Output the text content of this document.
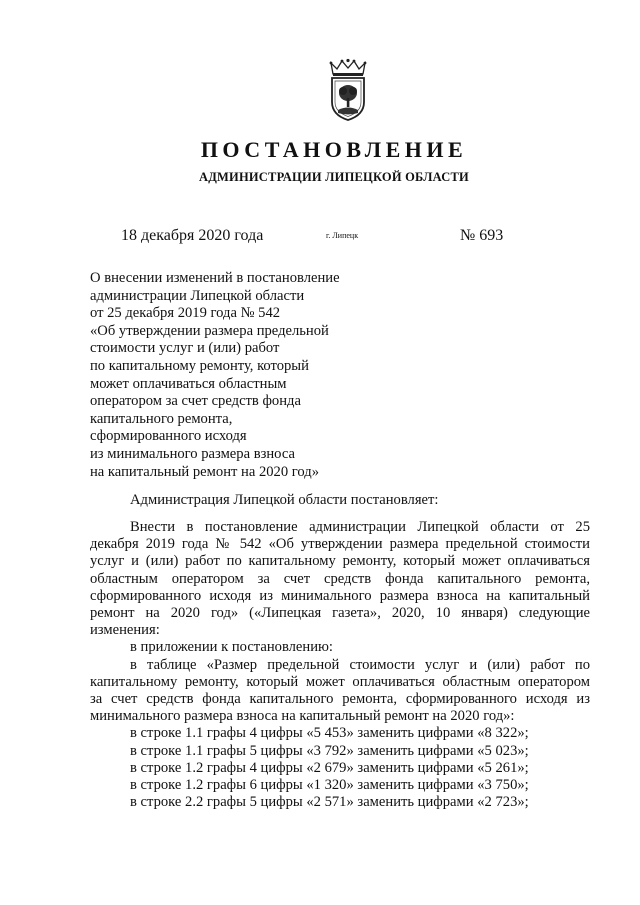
ПОСТАНОВЛЕНИЕ
АДМИНИСТРАЦИИ ЛИПЕЦКОЙ ОБЛАСТИ
18 декабря 2020 года	г. Липецк	№ 693
О внесении изменений в постановление
администрации Липецкой области
от 25 декабря 2019 года № 542
«Об утверждении размера предельной
стоимости услуг и (или) работ
по капитальному ремонту, который
может оплачиваться областным
оператором за счет средств фонда
капитального ремонта,
сформированного исходя
из минимального размера взноса
на капитальный ремонт на 2020 год»
Администрация Липецкой области постановляет:
Внести в постановление администрации Липецкой области от 25
декабря 2019 года № 542 «Об утверждении размера предельной стоимости
услуг и (или) работ по капитальному ремонту, который может оплачиваться
областным оператором за счет средств фонда капитального ремонта,
сформированного исходя из минимального размера взноса на капитальный
ремонт на 2020 год» («Липецкая газета», 2020, 10 января) следующие
изменения:
в приложении к постановлению:
в таблице «Размер предельной стоимости услуг и (или) работ по
капитальному ремонту, который может оплачиваться областным оператором
за счет средств фонда капитального ремонта, сформированного исходя из
минимального размера взноса на капитальный ремонт на 2020 год»:
в строке 1.1 графы 4 цифры «5 453» заменить цифрами «8 322»;
в строке 1.1 графы 5 цифры «3 792» заменить цифрами «5 023»;
в строке 1.2 графы 4 цифры «2 679» заменить цифрами «5 261»;
в строке 1.2 графы 6 цифры «1 320» заменить цифрами «3 750»;
в строке 2.2 графы 5 цифры «2 571» заменить цифрами «2 723»;
